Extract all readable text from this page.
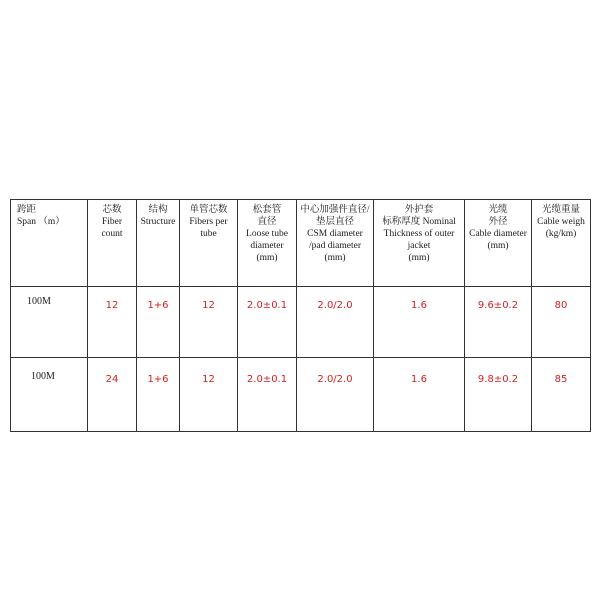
跨距
Span （m）	芯数
Fiber
count	结构
Structure	单管芯数
Fibers per
tube	松套管
直径
Loose tube
diameter
(mm)	中心加强件直径/
垫层直径
CSM diameter
/pad diameter
(mm)	外护套
标称厚度 Nominal
Thickness of outer
jacket
(mm)	光缆
外径
Cable diameter
(mm)	光缆重量
Cable weigh
(kg/km)

100M	12	1+6	12	2.0±0.1	2.0/2.0	1.6	9.6±0.2	80
100M	24	1+6	12	2.0±0.1	2.0/2.0	1.6	9.8±0.2	85
